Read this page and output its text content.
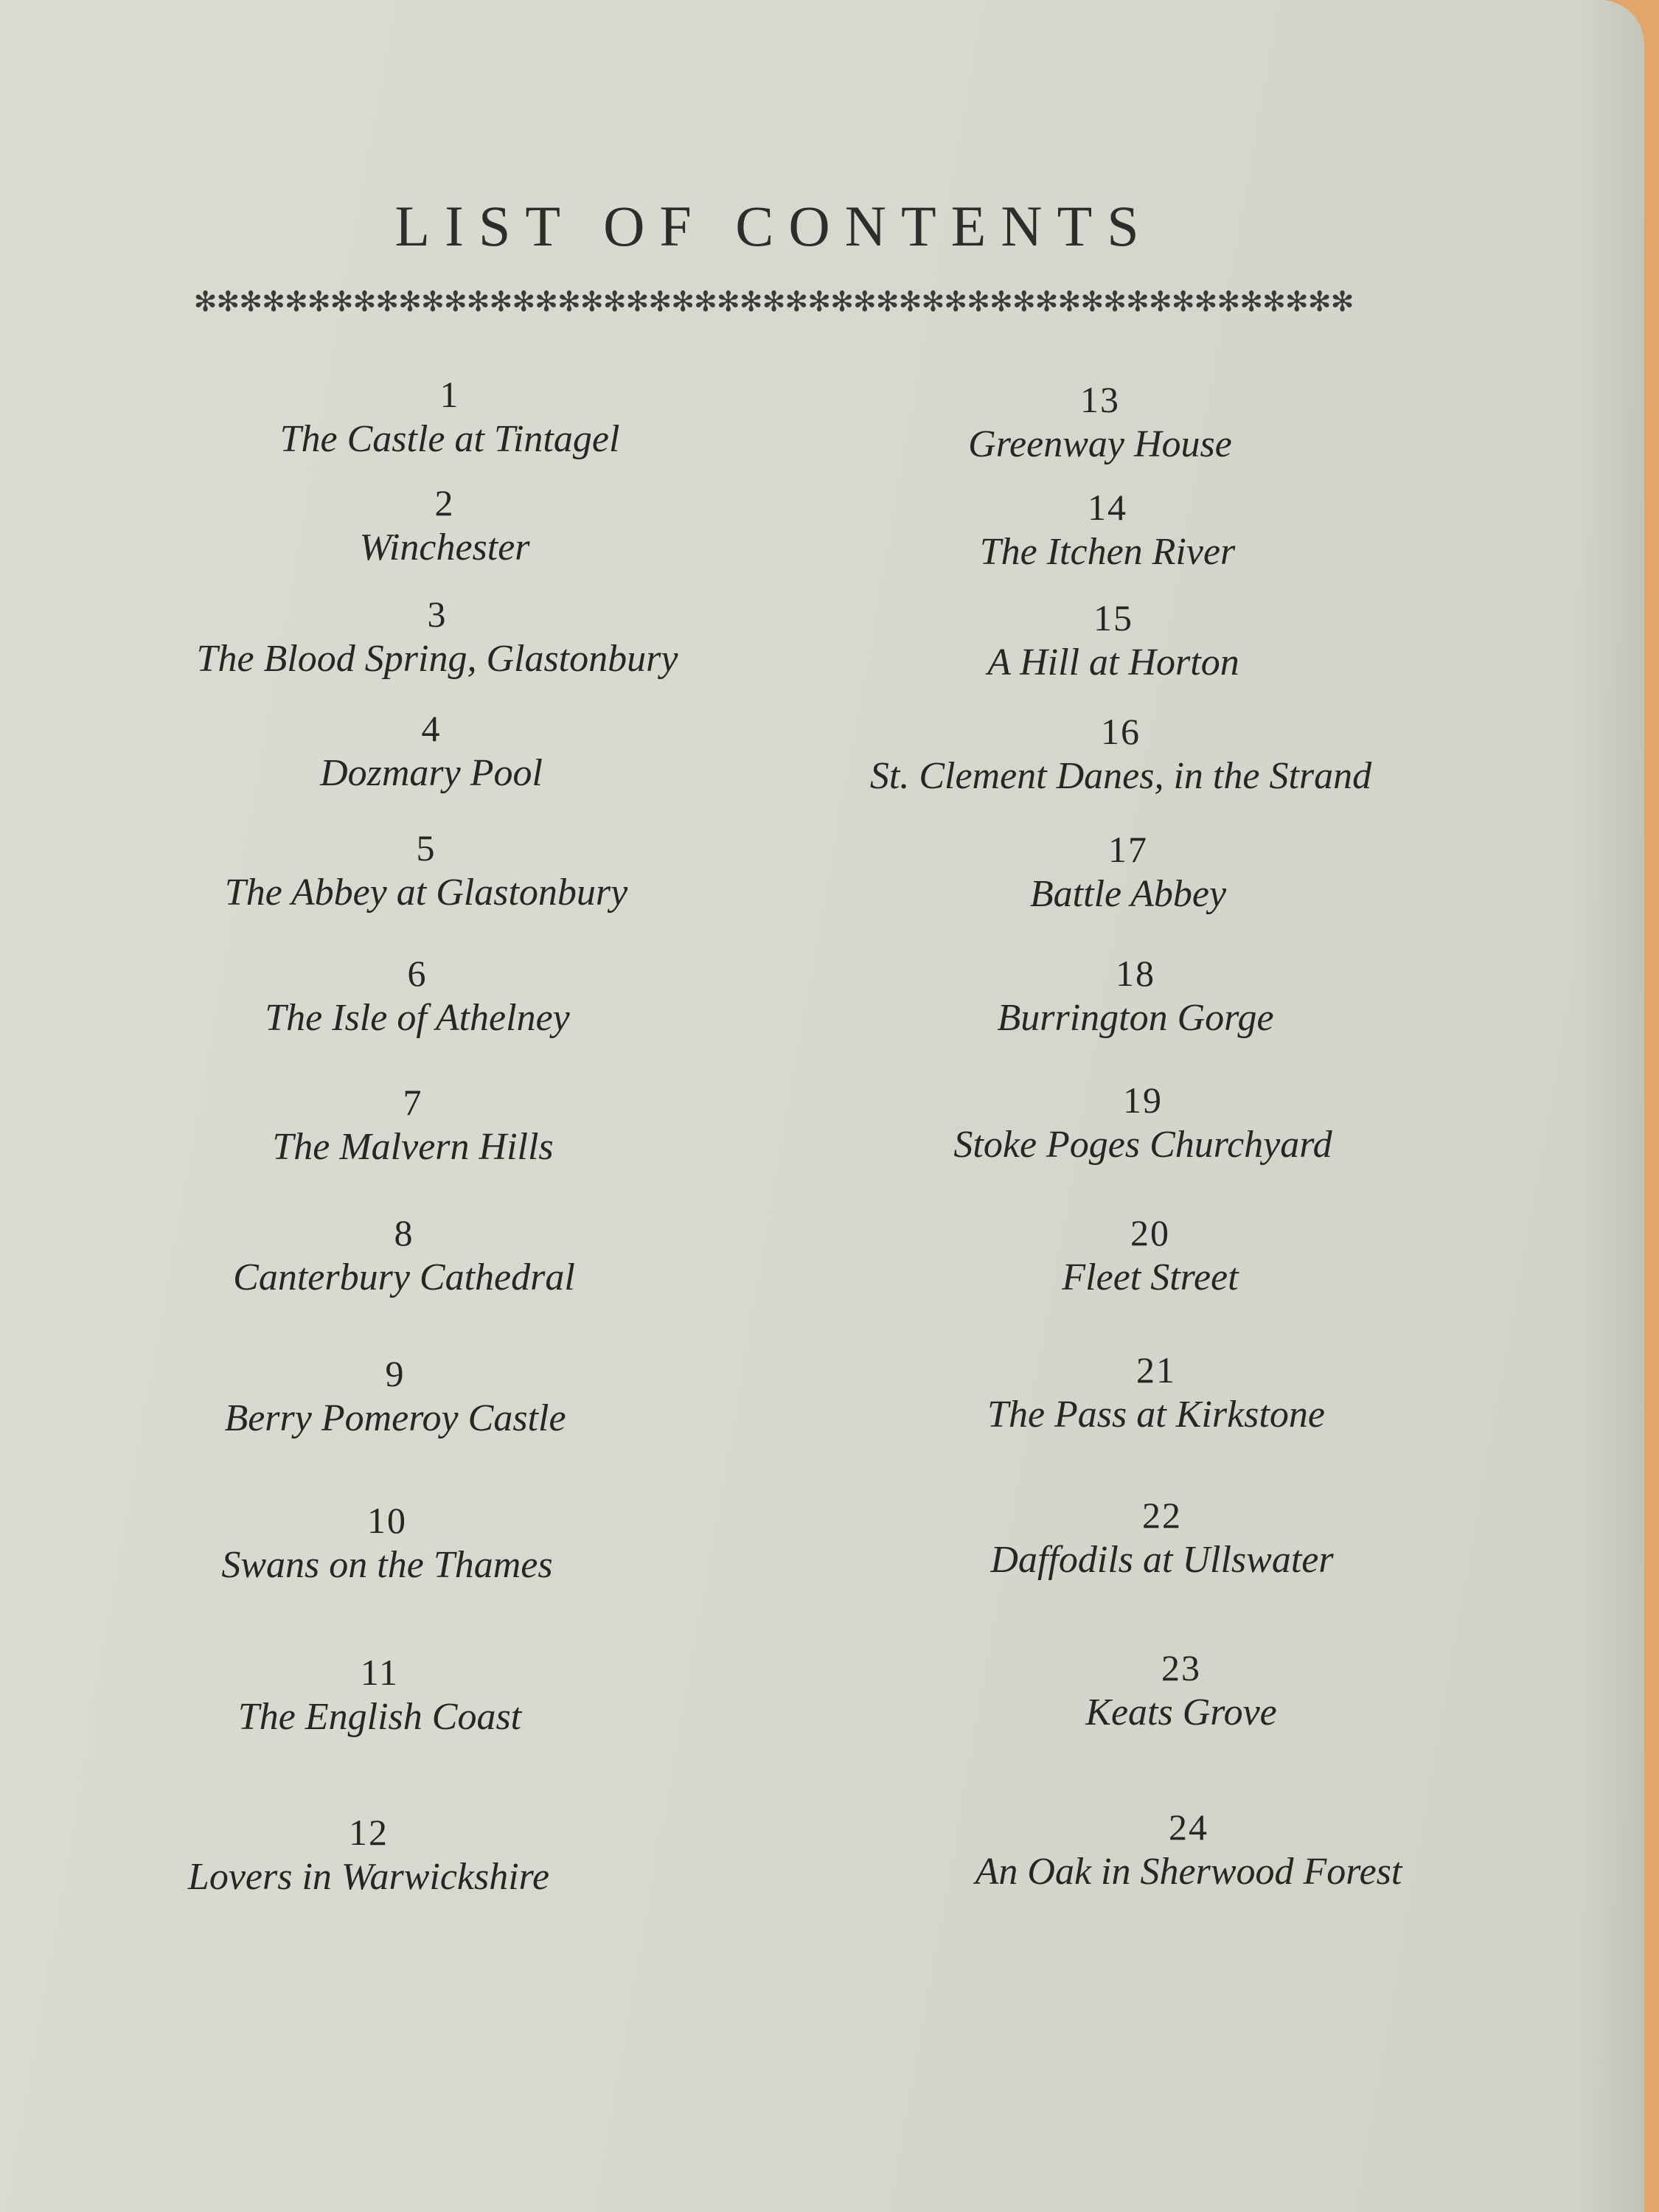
LIST OF CONTENTS
✻✻✻✻✻✻✻✻✻✻✻✻✻✻✻✻✻✻✻✻✻✻✻✻✻✻✻✻✻✻✻✻✻✻✻✻✻✻✻✻✻✻✻✻✻✻✻✻✻✻✻
1
The Castle at Tintagel
2
Winchester
3
The Blood Spring, Glastonbury
4
Dozmary Pool
5
The Abbey at Glastonbury
6
The Isle of Athelney
7
The Malvern Hills
8
Canterbury Cathedral
9
Berry Pomeroy Castle
10
Swans on the Thames
11
The English Coast
12
Lovers in Warwickshire
13
Greenway House
14
The Itchen River
15
A Hill at Horton
16
St. Clement Danes, in the Strand
17
Battle Abbey
18
Burrington Gorge
19
Stoke Poges Churchyard
20
Fleet Street
21
The Pass at Kirkstone
22
Daffodils at Ullswater
23
Keats Grove
24
An Oak in Sherwood Forest
